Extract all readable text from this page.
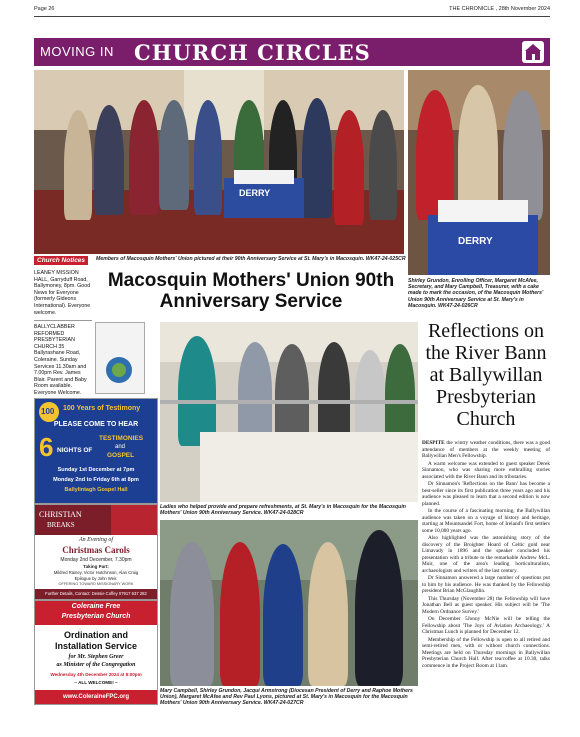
Page 26	THE CHRONICLE , 28th November 2024
MOVING IN CHURCH CIRCLES
DERRY
DERRY
Members of Macosquin Mothers' Union pictured at their 90th Anniversary Service at St. Mary's in Macosquin. WK47-24-025CR
Church Notices
Shirley Grundon, Enrolling Officer, Margaret McAfee, Secretary, and Mary Campbell, Treasurer, with a cake made to mark the occasion, of the Macosquin Mothers' Union 90th Anniversary Service at St. Mary's in Macosquin. WK47-24-026CR
LEANEY MISSION HALL, Garryduff Road, Ballymoney, 8pm. Good News for Everyone (formerly Gideons International). Everyone welcome.
BALLYCLABBER REFORMED PRESBYTERIAN CHURCH 35 Ballyrashane Road, Coleraine. Sunday Services 11.30am and 7.00pm Rev. James Blair. Parent and Baby Room available. Everyone Welcome.
Macosquin Mothers' Union 90th Anniversary Service
Ladies who helped provide and prepare refreshments, at St. Mary's in Macosquin for the Macosquin Mothers' Union 90th Anniversary Service. WK47-24-028CR
Mary Campbell, Shirley Grundon, Jacqui Armstrong (Diocesan President of Derry and Raphoe Mothers Union), Margaret McAfee and Rev Paul Lyons, pictured at St. Mary's in Macosquin for the Macosquin Mothers' Union 90th Anniversary Service. WK47-24-027CR
100 100 Years of Testimony
PLEASE COME TO HEAR
6 NIGHTS OF
TESTIMONIES
and
GOSPEL
Sunday 1st December at 7pm
Monday 2nd to Friday 6th at 8pm
Ballylintagh Gospel Hall
CHRISTIAN
BREAKS
An Evening of
Christmas Carols
Monday 2nd December, 7.30pm
Taking Part:
Mildred Rainey, Victor Hutchinson, Alan Craig
Epilogue by John Weir.
OFFERING TOWARD MISSIONARY WORK
Further Details, Contact: Dessie Coffey 07917 637 282
Coleraine Free
Presbyterian Church
Ordination and
Installation Service
for Mr. Stephen Greer
as Minister of the Congregation
Wednesday 4th December 2024 at 8:00pm
~ ALL WELCOME! ~
www.ColeraineFPC.org
Reflections on the River Bann at Ballywillan Presbyterian Church

DESPITE the wintry weather conditions, there was a good attendance of members at the weekly meeting of Ballywillan Men's Fellowship.

A warm welcome was extended to guest speaker Derek Sinnamon, who was sharing more enthralling stories associated with the River Bann and its tributaries.

Dr Sinnamon's 'Reflections on the Bann' has become a best-seller since its first publication three years ago and his audience was pleased to learn that a second edition is now planned.

In the course of a fascinating morning, the Ballywillan audience was taken on a voyage of history and heritage, starting at Mountsandel Fort, home of Ireland's first settlers some 10,000 years ago.

Also highlighted was the astonishing story of the discovery of the Broighter Hoard of Celtic gold near Limavady in 1896 and the speaker concluded his presentation with a tribute to the remarkable Andrew McL. Muir, one of the area's leading horticulturalists, archaeologists and writers of the last century.

Dr Sinnamon answered a large number of questions put to him by his audience. He was thanked by the Fellowship president Brian McGlaughlin.

This Thursday (November 28) the Fellowship will have Jonathan Bell as guest speaker. His subject will be 'The Modern Ordnance Survey.'

On December 5Jonny McNie will be telling the Fellowship about 'The Joys of Aviation Archaeology.' A Christmas Lunch is planned for December 12.

Membership of the Fellowship is open to all retired and semi-retired men, with or without church connections. Meetings are held on Thursday mornings in Ballywillan Presbyterian Church Hall. After tea/coffee at 10.30, talks commence in the Project Room at 11am.
